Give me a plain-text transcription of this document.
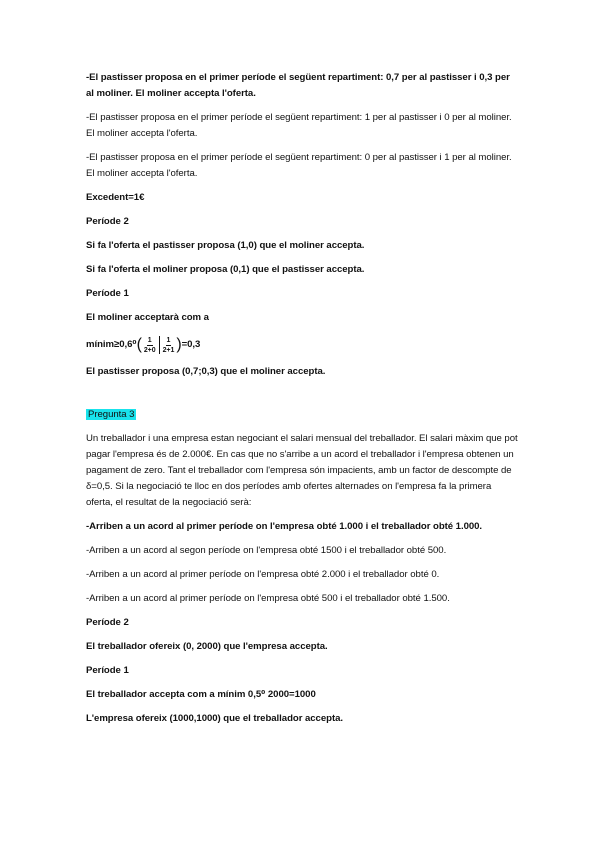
-El pastisser proposa en el primer període el següent repartiment: 0,7 per al pastisser i 0,3 per al moliner. El moliner accepta l'oferta.

-El pastisser proposa en el primer període el següent repartiment: 1 per al pastisser i 0 per al moliner. El moliner accepta l'oferta.

-El pastisser proposa en el primer període el següent repartiment: 0 per al pastisser i 1 per al moliner. El moliner accepta l'oferta.

Excedent=1€

Període 2

Si fa l'oferta el pastisser proposa (1,0) que el moliner accepta.

Si fa l'oferta el moliner proposa (0,1) que el pastisser accepta.

Període 1

El moliner acceptarà com a

mínim≥0,6⁰ ( $\frac{1}{2+0} \frac{1}{2+1}$ ) =0,3

El pastisser proposa (0,7;0,3) que el moliner accepta.

Pregunta 3

Un treballador i una empresa estan negociant el salari mensual del treballador. El salari màxim que pot pagar l'empresa és de 2.000€. En cas que no s'arribe a un acord el treballador i l'empresa obtenen un pagament de zero. Tant el treballador com l'empresa són impacients, amb un factor de descompte de δ=0,5. Si la negociació te lloc en dos períodes amb ofertes alternades on l'empresa fa la primera oferta, el resultat de la negociació serà:

-Arriben a un acord al primer període on l'empresa obté 1.000 i el treballador obté 1.000.

-Arriben a un acord al segon període on l'empresa obté 1500 i el treballador obté 500.

-Arriben a un acord al primer període on l'empresa obté 2.000 i el treballador obté 0.

-Arriben a un acord al primer període on l'empresa obté 500 i el treballador obté 1.500.

Període 2

El treballador ofereix (0, 2000) que l'empresa accepta.

Període 1

El treballador accepta com a mínim 0,5⁰ 2000=1000

L'empresa ofereix (1000,1000) que el treballador accepta.
